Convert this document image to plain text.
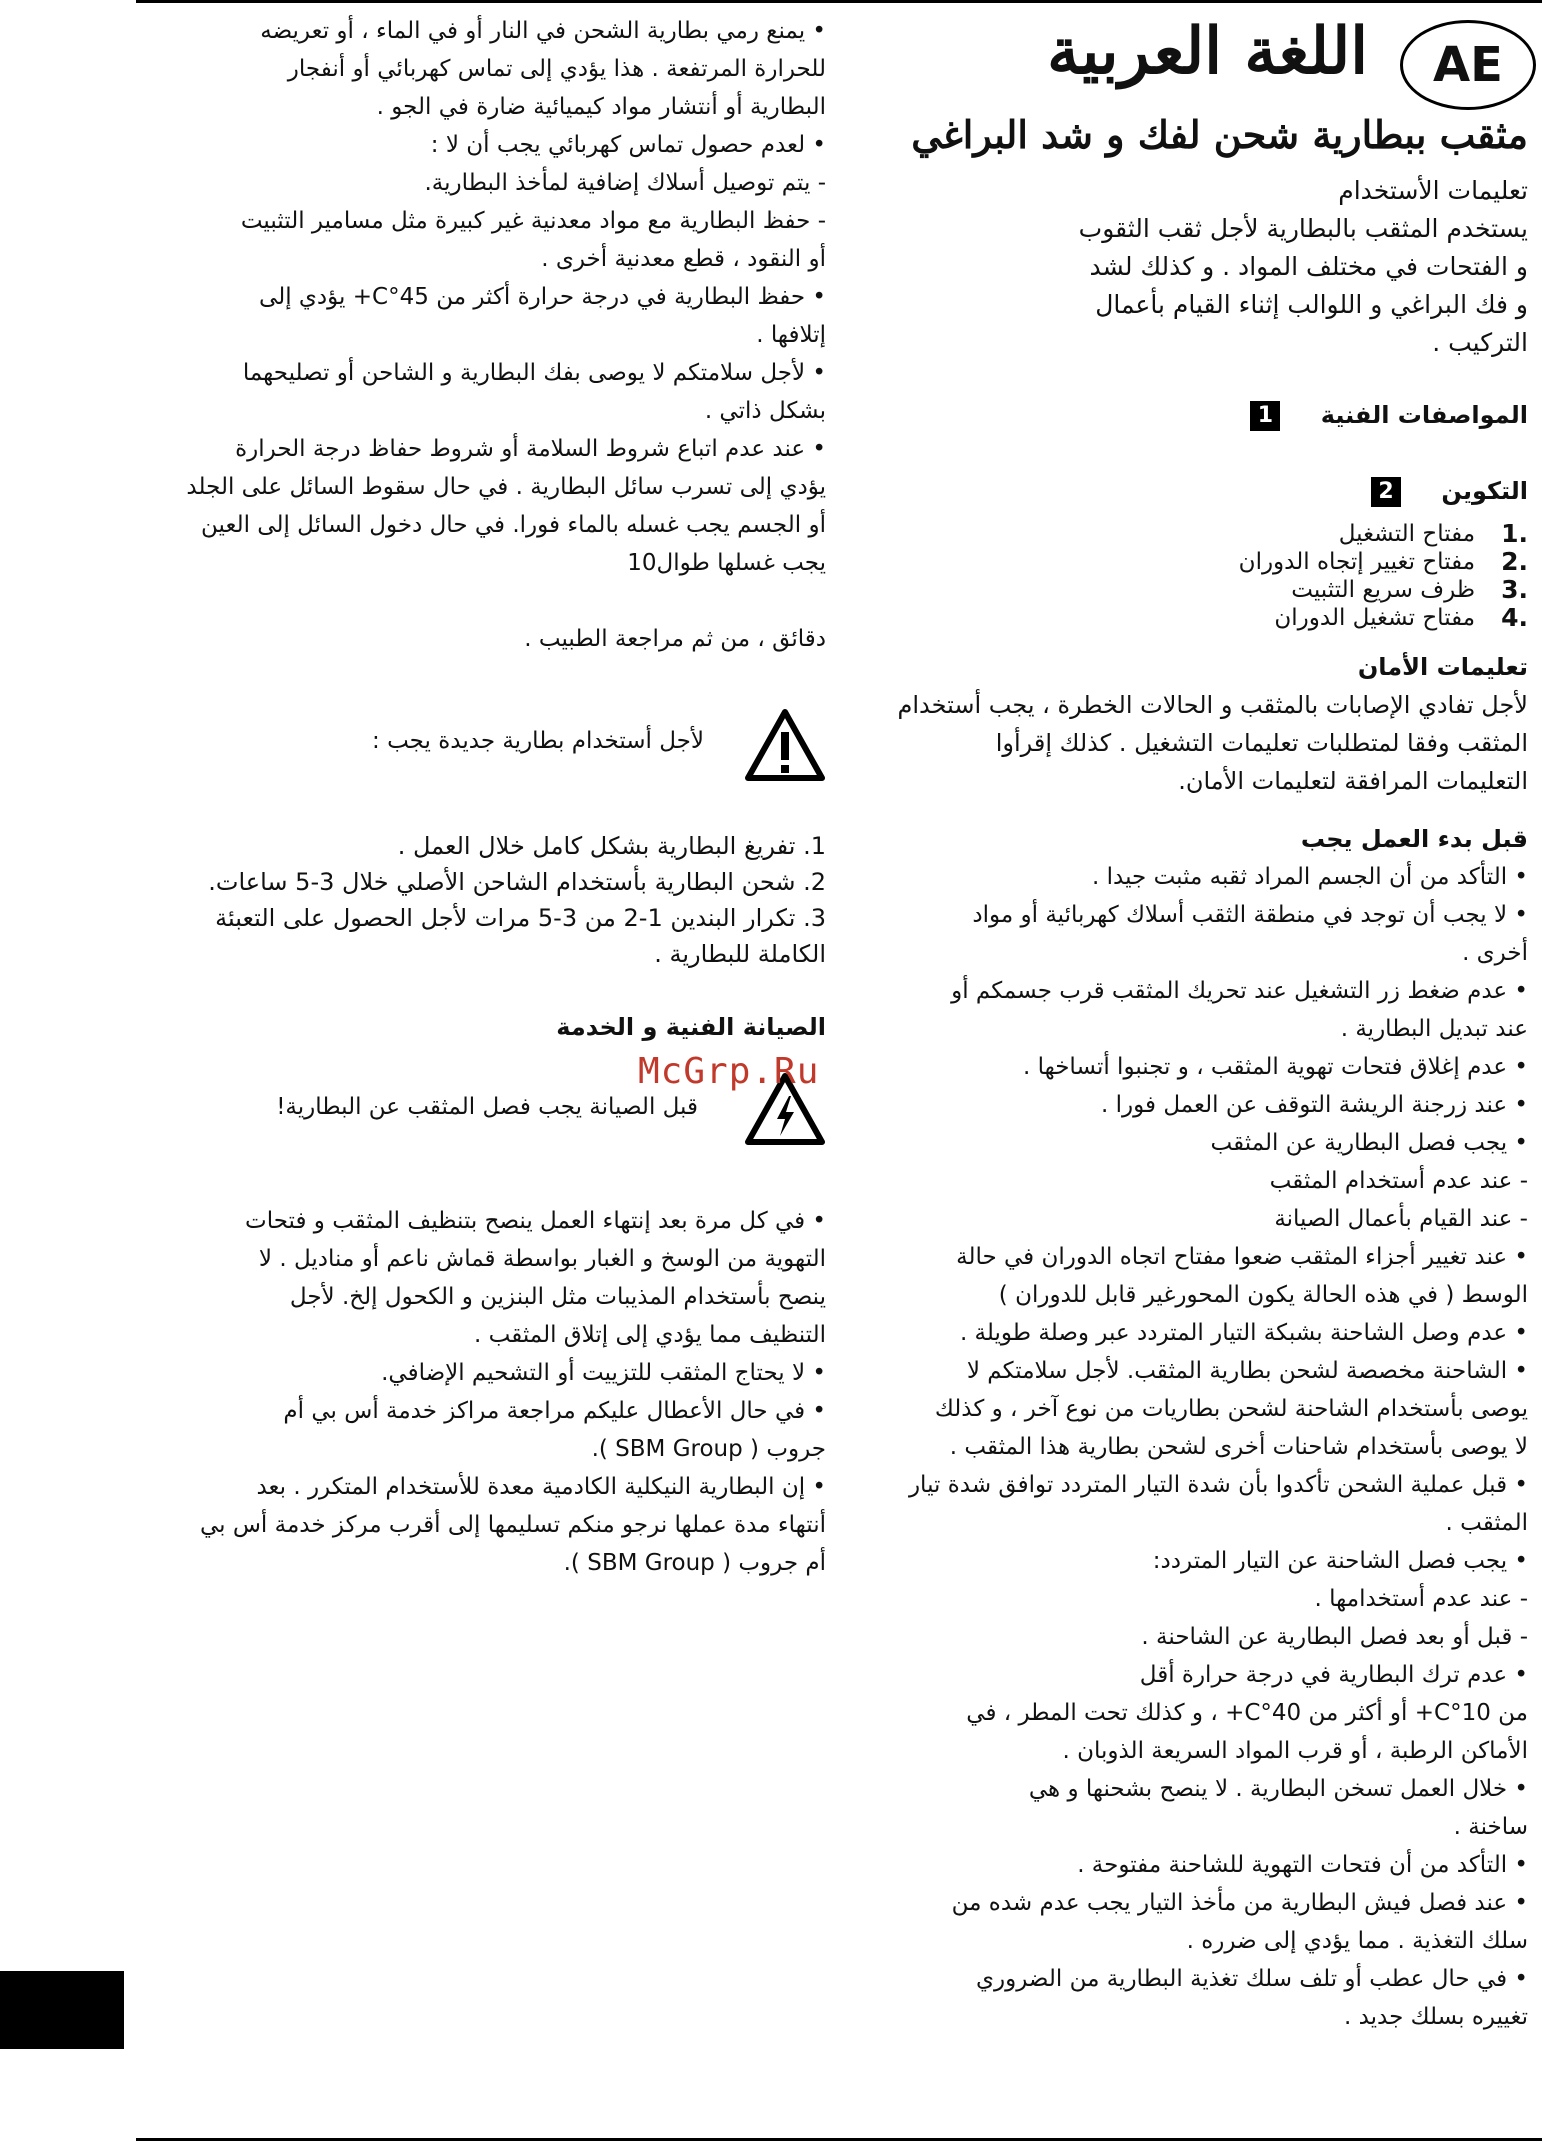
AE
اللغة العربية
مثقب ببطارية شحن لفك و شد البراغي
تعليمات الأستخدام
يستخدم المثقب بالبطارية لأجل ثقب الثقوب
و الفتحات في مختلف المواد . و كذلك لشد
و فك البراغي و اللوالب إثناء القيام بأعمال
التركيب .
المواصفات الفنية 1
التكوين 2
1.
مفتاح التشغيل
2.
مفتاح تغيير إتجاه الدوران
3.
ظرف سريع التثبيت
4.
مفتاح تشغيل الدوران
تعليمات الأمان
لأجل تفادي الإصابات بالمثقب و الحالات الخطرة ، يجب أستخدام
المثقب وفقا لمتطلبات تعليمات التشغيل . كذلك إقرأوا
التعليمات المرافقة لتعليمات الأمان.
قبل بدء العمل يجب
• التأكد من أن الجسم المراد ثقبه مثبت جيدا .
• لا يجب أن توجد في منطقة الثقب أسلاك كهربائية أو مواد
أخرى .
• عدم ضغط زر التشغيل عند تحريك المثقب قرب جسمكم أو
عند تبديل البطارية .
• عدم إغلاق فتحات تهوية المثقب ، و تجنبوا أتساخها .
• عند زرجنة الريشة التوقف عن العمل فورا .
• يجب فصل البطارية عن المثقب
- عند عدم أستخدام المثقب
- عند القيام بأعمال الصيانة
• عند تغيير أجزاء المثقب ضعوا مفتاح اتجاه الدوران في حالة
الوسط ( في هذه الحالة يكون المحورغير قابل للدوران )
• عدم وصل الشاحنة بشبكة التيار المتردد عبر وصلة طويلة .
• الشاحنة مخصصة لشحن بطارية المثقب. لأجل سلامتكم لا
يوصى بأستخدام الشاحنة لشحن بطاريات من نوع آخر ، و كذلك
لا يوصى بأستخدام شاحنات أخرى لشحن بطارية هذا المثقب .
• قبل عملية الشحن تأكدوا بأن شدة التيار المتردد توافق شدة تيار
المثقب .
• يجب فصل الشاحنة عن التيار المتردد:
- عند عدم أستخدامها .
- قبل أو بعد فصل البطارية عن الشاحنة .
• عدم ترك البطارية في درجة حرارة أقل
من 10°C+ أو أكثر من 40°C+ ، و كذلك تحت المطر ، في
الأماكن الرطبة ، أو قرب المواد السريعة الذوبان .
• خلال العمل تسخن البطارية . لا ينصح بشحنها و هي
ساخنة .
• التأكد من أن فتحات التهوية للشاحنة مفتوحة .
• عند فصل فيش البطارية من مأخذ التيار يجب عدم شده من
سلك التغذية . مما يؤدي إلى ضرره .
• في حال عطب أو تلف سلك تغذية البطارية من الضروري
تغييره بسلك جديد .
• يمنع رمي بطارية الشحن في النار أو في الماء ، أو تعريضه
للحرارة المرتفعة . هذا يؤدي إلى تماس كهربائي أو أنفجار
البطارية أو أنتشار مواد كيميائية ضارة في الجو .
• لعدم حصول تماس كهربائي يجب أن لا :
- يتم توصيل أسلاك إضافية لمأخذ البطارية.
- حفظ البطارية مع مواد معدنية غير كبيرة مثل مسامير التثبيت
أو النقود ، قطع معدنية أخرى .
• حفظ البطارية في درجة حرارة أكثر من 45°C+ يؤدي إلى
إتلافها .
• لأجل سلامتكم لا يوصى بفك البطارية و الشاحن أو تصليحهما
بشكل ذاتي .
• عند عدم اتباع شروط السلامة أو شروط حفاظ درجة الحرارة
يؤدي إلى تسرب سائل البطارية . في حال سقوط السائل على الجلد
أو الجسم يجب غسله بالماء فورا. في حال دخول السائل إلى العين
يجب غسلها طوال10
دقائق ، من ثم مراجعة الطبيب .
لأجل أستخدام بطارية جديدة يجب :
1. تفريغ البطارية بشكل كامل خلال العمل .
2. شحن البطارية بأستخدام الشاحن الأصلي خلال 3-5 ساعات.
3. تكرار البندين 1-2 من 3-5 مرات لأجل الحصول على التعبئة
الكاملة للبطارية .
الصيانة الفنية و الخدمة
قبل الصيانة يجب فصل المثقب عن البطارية!
• في كل مرة بعد إنتهاء العمل ينصح بتنظيف المثقب و فتحات
التهوية من الوسخ و الغبار بواسطة قماش ناعم أو مناديل . لا
ينصح بأستخدام المذيبات مثل البنزين و الكحول إلخ. لأجل
التنظيف مما يؤدي إلى إتلاق المثقب .
• لا يحتاج المثقب للتزييت أو التشحيم الإضافي.
• في حال الأعطال عليكم مراجعة مراكز خدمة أس بي أم
جروب ( SBM Group ).
• إن البطارية النيكلية الكادمية معدة للأستخدام المتكرر . بعد
أنتهاء مدة عملها نرجو منكم تسليمها إلى أقرب مركز خدمة أس بي
أم جروب ( SBM Group ).
McGrp.Ru
